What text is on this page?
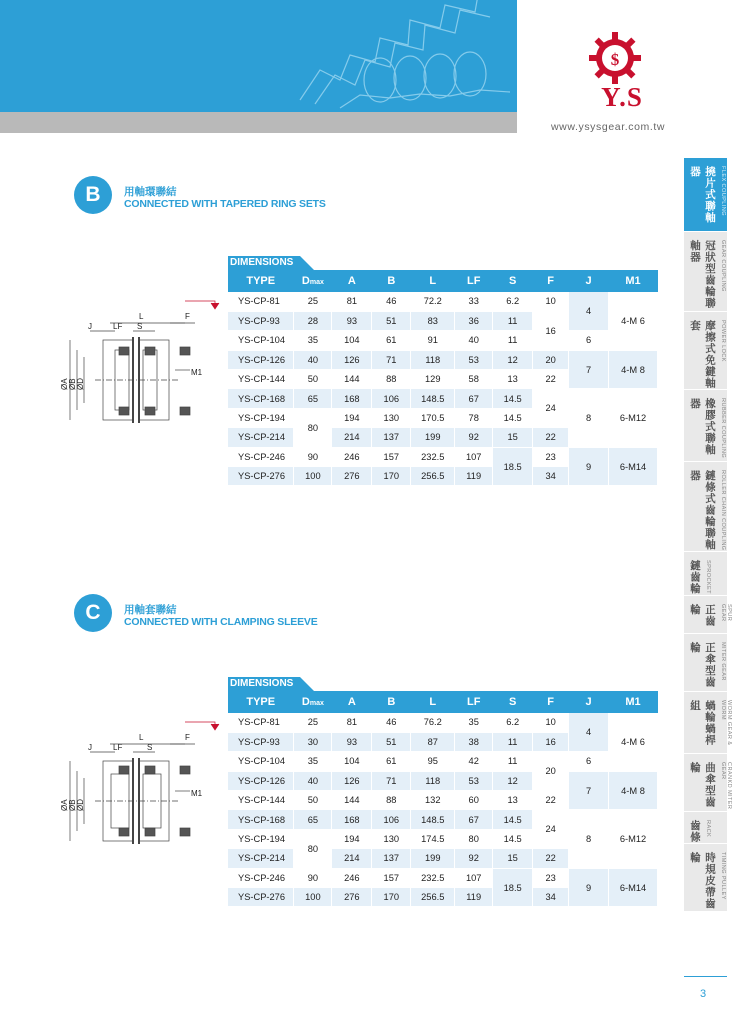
$
Y.S
www.ysysgear.com.tw
撓片式聯軸器	FLEX COUPLING
冠狀型齒輪聯軸器	GEAR COUPLING
摩擦式免鍵軸套	POWER LOCK
橡膠式聯軸器	RUBBER COUPLING
鏈條式齒輪聯軸器	ROLLER CHAIN COUPLING
鏈齒輪 SPROCKET
正齒輪	SPUR GEAR
正傘型齒輪	MITER GEAR
蝸輪蝸桿組	WORM GEAR & WORM
曲傘型齒輪	CRANKD MITER GEAR
齒條 RACK
時規皮帶齒輪	TIMING PULLEY
3
B	用軸環聯結
CONNECTED WITH TAPERED RING SETS
L	F
J	LF S
M1
ØA ØB ØD
DIMENSIONS
TYPE	Dmax	A	B	L	LF	S	F	J	M1
YS-CP-81	25	81	46	72.2	33	6.2	10	4	4-M 6
YS-CP-93	28	93	51	83	36	11	16		
YS-CP-104	35	104	61	91	40	11		6	
YS-CP-126	40	126	71	118	53	12	20	7	4-M 8
YS-CP-144	50	144	88	129	58	13	22		
YS-CP-168	65	168	106	148.5	67	14.5	24	8	6-M12
YS-CP-194	80	194	130	170.5	78	14.5			
YS-CP-214		214	137	199	92	15	22		
YS-CP-246	90	246	157	232.5	107	18.5	23	9	6-M14
YS-CP-276	100	276	170	256.5	119		34		
C	用軸套聯結
CONNECTED WITH CLAMPING SLEEVE
L	F
J	LF	S
M1
ØA ØB ØD
DIMENSIONS
TYPE	Dmax	A	B	L	LF	S	F	J	M1
YS-CP-81	25	81	46	76.2	35	6.2	10	4	4-M 6
YS-CP-93	30	93	51	87	38	11	16		
YS-CP-104	35	104	61	95	42	11	20	6	
YS-CP-126	40	126	71	118	53	12		7	4-M 8
YS-CP-144	50	144	88	132	60	13	22		
YS-CP-168	65	168	106	148.5	67	14.5	24	8	6-M12
YS-CP-194	80	194	130	174.5	80	14.5			
YS-CP-214		214	137	199	92	15	22		
YS-CP-246	90	246	157	232.5	107	18.5	23	9	6-M14
YS-CP-276	100	276	170	256.5	119		34		
